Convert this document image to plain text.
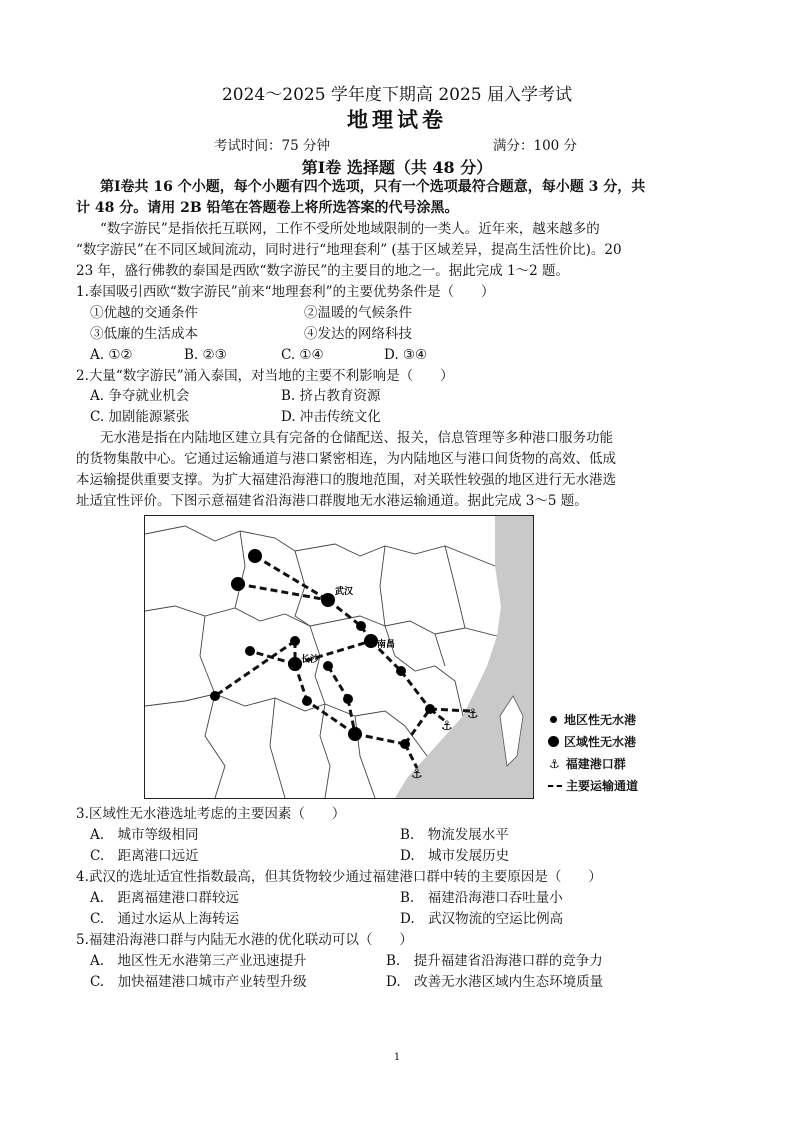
2024～2025 学年度下期高 2025 届入学考试
地理试卷
考试时间：75 分钟	满分：100 分
第Ⅰ卷 选择题（共 48 分）
第Ⅰ卷共 16 个小题，每个小题有四个选项，只有一个选项最符合题意，每小题 3 分，共
计 48 分。请用 2B 铅笔在答题卷上将所选答案的代号涂黑。
“数字游民”是指依托互联网，工作不受所处地域限制的一类人。近年来，越来越多的
“数字游民”在不同区域间流动，同时进行“地理套利” (基于区域差异，提高生活性价比)。20
23 年，盛行佛教的泰国是西欧“数字游民”的主要目的地之一。据此完成 1～2 题。
1.泰国吸引西欧“数字游民”前来“地理套利”的主要优势条件是（　　）
①优越的交通条件	②温暖的气候条件
③低廉的生活成本	④发达的网络科技
A. ①②	B. ②③	C. ①④	D. ③④
2.大量“数字游民”涌入泰国，对当地的主要不利影响是（　　）
A. 争夺就业机会	B. 挤占教育资源
C. 加剧能源紧张	D. 冲击传统文化
无水港是指在内陆地区建立具有完备的仓储配送、报关，信息管理等多种港口服务功能
的货物集散中心。它通过运输通道与港口紧密相连，为内陆地区与港口间货物的高效、低成
本运输提供重要支撑。为扩大福建沿海港口的腹地范围，对关联性较强的地区进行无水港选
址适宜性评价。下图示意福建省沿海港口群腹地无水港运输通道。据此完成 3～5 题。
⚓
⚓
⚓
武汉
南昌
长沙
地区性无水港
区域性无水港
⚓ 福建港口群
主要运输通道
3.区域性无水港选址考虑的主要因素（　　）
A.　城市等级相同	B.　物流发展水平
C.　距离港口远近	D.　城市发展历史
4.武汉的选址适宜性指数最高，但其货物较少通过福建港口群中转的主要原因是（　　）
A.　距离福建港口群较远	B.　福建沿海港口吞吐量小
C.　通过水运从上海转运	D.　武汉物流的空运比例高
5.福建沿海港口群与内陆无水港的优化联动可以（　　）
A.　地区性无水港第三产业迅速提升	B.　提升福建省沿海港口群的竞争力
C.　加快福建港口城市产业转型升级	D.　改善无水港区域内生态环境质量
1
